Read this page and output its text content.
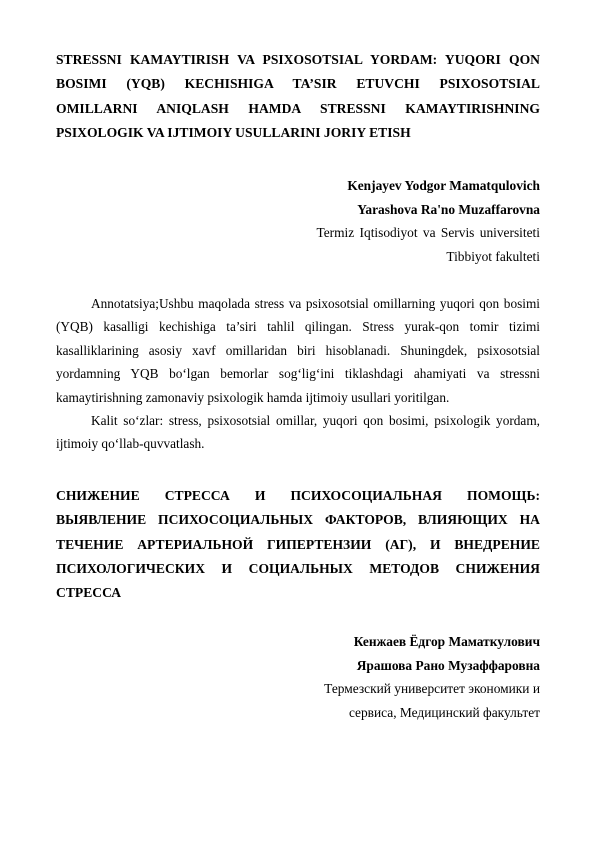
STRESSNI KAMAYTIRISH VA PSIXOSOTSIAL YORDAM: YUQORI QON BOSIMI (YQB) KECHISHIGA TA’SIR ETUVCHI PSIXOSOTSIAL OMILLARNI ANIQLASH HAMDA STRESSNI KAMAYTIRISHNING PSIXOLOGIK VA IJTIMOIY USULLARINI JORIY ETISH

Kenjayev Yodgor Mamatqulovich
Yarashova Ra'no Muzaffarovna
Termiz Iqtisodiyot va Servis universiteti
Tibbiyot fakulteti

Annotatsiya;Ushbu maqolada stress va psixosotsial omillarning yuqori qon bosimi (YQB) kasalligi kechishiga ta’siri tahlil qilingan. Stress yurak-qon tomir tizimi kasalliklarining asosiy xavf omillaridan biri hisoblanadi. Shuningdek, psixosotsial yordamning YQB bo‘lgan bemorlar sog‘lig‘ini tiklashdagi ahamiyati va stressni kamaytirishning zamonaviy psixologik hamda ijtimoiy usullari yoritilgan.

Kalit so‘zlar: stress, psixosotsial omillar, yuqori qon bosimi, psixologik yordam, ijtimoiy qo‘llab-quvvatlash.

СНИЖЕНИЕ СТРЕССА И ПСИХОСОЦИАЛЬНАЯ ПОМОЩЬ: ВЫЯВЛЕНИЕ ПСИХОСОЦИАЛЬНЫХ ФАКТОРОВ, ВЛИЯЮЩИХ НА ТЕЧЕНИЕ АРТЕРИАЛЬНОЙ ГИПЕРТЕНЗИИ (АГ), И ВНЕДРЕНИЕ ПСИХОЛОГИЧЕСКИХ И СОЦИАЛЬНЫХ МЕТОДОВ СНИЖЕНИЯ СТРЕССА

Кенжаев Ёдгор Маматкулович
Ярашова Рано Музаффаровна
Термезский университет экономики и сервиса, Медицинский факультет
